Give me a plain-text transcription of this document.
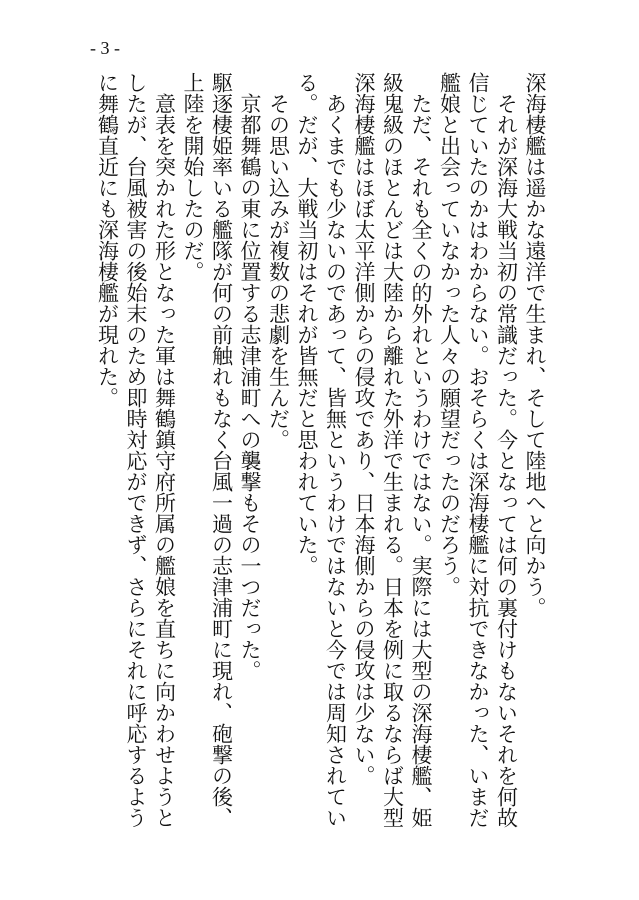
- 3 -

深海棲艦は遥かな遠洋で生まれ、そして陸地へと向かう。

それが深海大戦当初の常識だった。今となっては何の裏付けもないそれを何故

信じていたのかはわからない。おそらくは深海棲艦に対抗できなかった、いまだ

艦娘と出会っていなかった人々の願望だったのだろう。

ただ、それも全くの的外れというわけではない。実際には大型の深海棲艦、姫

級鬼級のほとんどは大陸から離れた外洋で生まれる。日本を例に取るならば大型

深海棲艦はほぼ太平洋側からの侵攻であり、日本海側からの侵攻は少ない。

あくまでも少ないのであって、皆無というわけではないと今では周知されてい

る。だが、大戦当初はそれが皆無だと思われていた。

その思い込みが複数の悲劇を生んだ。

京都舞鶴の東に位置する志津浦町への襲撃もその一つだった。

駆逐棲姫率いる艦隊が何の前触れもなく台風一過の志津浦町に現れ、砲撃の後、

上陸を開始したのだ。

意表を突かれた形となった軍は舞鶴鎮守府所属の艦娘を直ちに向かわせようと

したが、台風被害の後始末のため即時対応ができず、さらにそれに呼応するよう

に舞鶴直近にも深海棲艦が現れた。
